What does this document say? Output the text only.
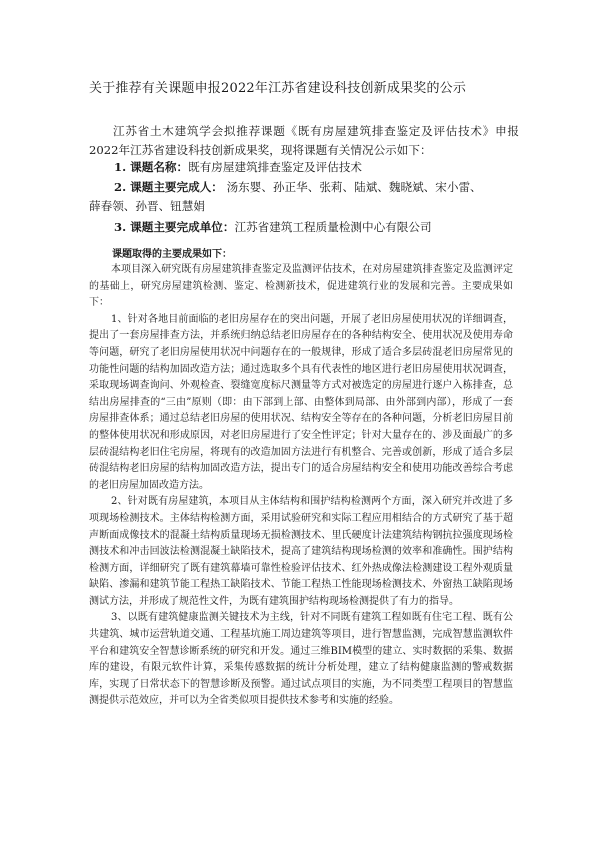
关于推荐有关课题申报2022年江苏省建设科技创新成果奖的公示

江苏省土木建筑学会拟推荐课题《既有房屋建筑排查鉴定及评估技术》申报2022年江苏省建设科技创新成果奖，现将课题有关情况公示如下：

1. 课题名称：既有房屋建筑排查鉴定及评估技术

2. 课题主要完成人： 汤东婴、孙正华、张莉、陆斌、魏晓斌、宋小雷、
薛春领、孙晋、钮慧娟

3. 课题主要完成单位：江苏省建筑工程质量检测中心有限公司

课题取得的主要成果如下：

本项目深入研究既有房屋建筑排查鉴定及监测评估技术，在对房屋建筑排查鉴定及监测评定的基础上，研究房屋建筑检测、鉴定、检测新技术，促进建筑行业的发展和完善。主要成果如下：

1、针对各地目前面临的老旧房屋存在的突出问题，开展了老旧房屋使用状况的详细调查，提出了一套房屋排查方法，并系统归纳总结老旧房屋存在的各种结构安全、使用状况及使用寿命等问题，研究了老旧房屋使用状况中问题存在的一般规律，形成了适合多层砖混老旧房屋常见的功能性问题的结构加固改造方法；通过选取多个具有代表性的地区进行老旧房屋使用状况调查，采取现场调查询问、外观检查、裂缝宽度标尺测量等方式对被选定的房屋进行逐户入栋排查，总结出房屋排查的“三由”原则（即：由下部到上部、由整体到局部、由外部到内部），形成了一套房屋排查体系；通过总结老旧房屋的使用状况、结构安全等存在的各种问题，分析老旧房屋目前的整体使用状况和形成原因，对老旧房屋进行了安全性评定；针对大量存在的、涉及面最广的多层砖混结构老旧住宅房屋，将现有的改造加固方法进行有机整合、完善或创新，形成了适合多层砖混结构老旧房屋的结构加固改造方法，提出专门的适合房屋结构安全和使用功能改善综合考虑的老旧房屋加固改造方法。

2、针对既有房屋建筑，本项目从主体结构和围护结构检测两个方面，深入研究并改进了多项现场检测技术。主体结构检测方面，采用试验研究和实际工程应用相结合的方式研究了基于超声断面成像技术的混凝土结构质量现场无损检测技术、里氏硬度计法建筑结构钢抗拉强度现场检测技术和冲击回波法检测混凝土缺陷技术，提高了建筑结构现场检测的效率和准确性。围护结构检测方面，详细研究了既有建筑幕墙可靠性检验评估技术、红外热成像法检测建设工程外观质量缺陷、渗漏和建筑节能工程热工缺陷技术、节能工程热工性能现场检测技术、外窗热工缺陷现场测试方法，并形成了规范性文件，为既有建筑围护结构现场检测提供了有力的指导。

3、以既有建筑健康监测关键技术为主线，针对不同既有建筑工程如既有住宅工程、既有公共建筑、城市运营轨道交通、工程基坑施工周边建筑等项目，进行智慧监测，完成智慧监测软件平台和建筑安全智慧诊断系统的研究和开发。通过三维BIM模型的建立、实时数据的采集、数据库的建设，有限元软件计算，采集传感数据的统计分析处理，建立了结构健康监测的警戒数据库，实现了日常状态下的智慧诊断及预警。通过试点项目的实施，为不同类型工程项目的智慧监测提供示范效应，并可以为全省类似项目提供技术参考和实施的经验。
